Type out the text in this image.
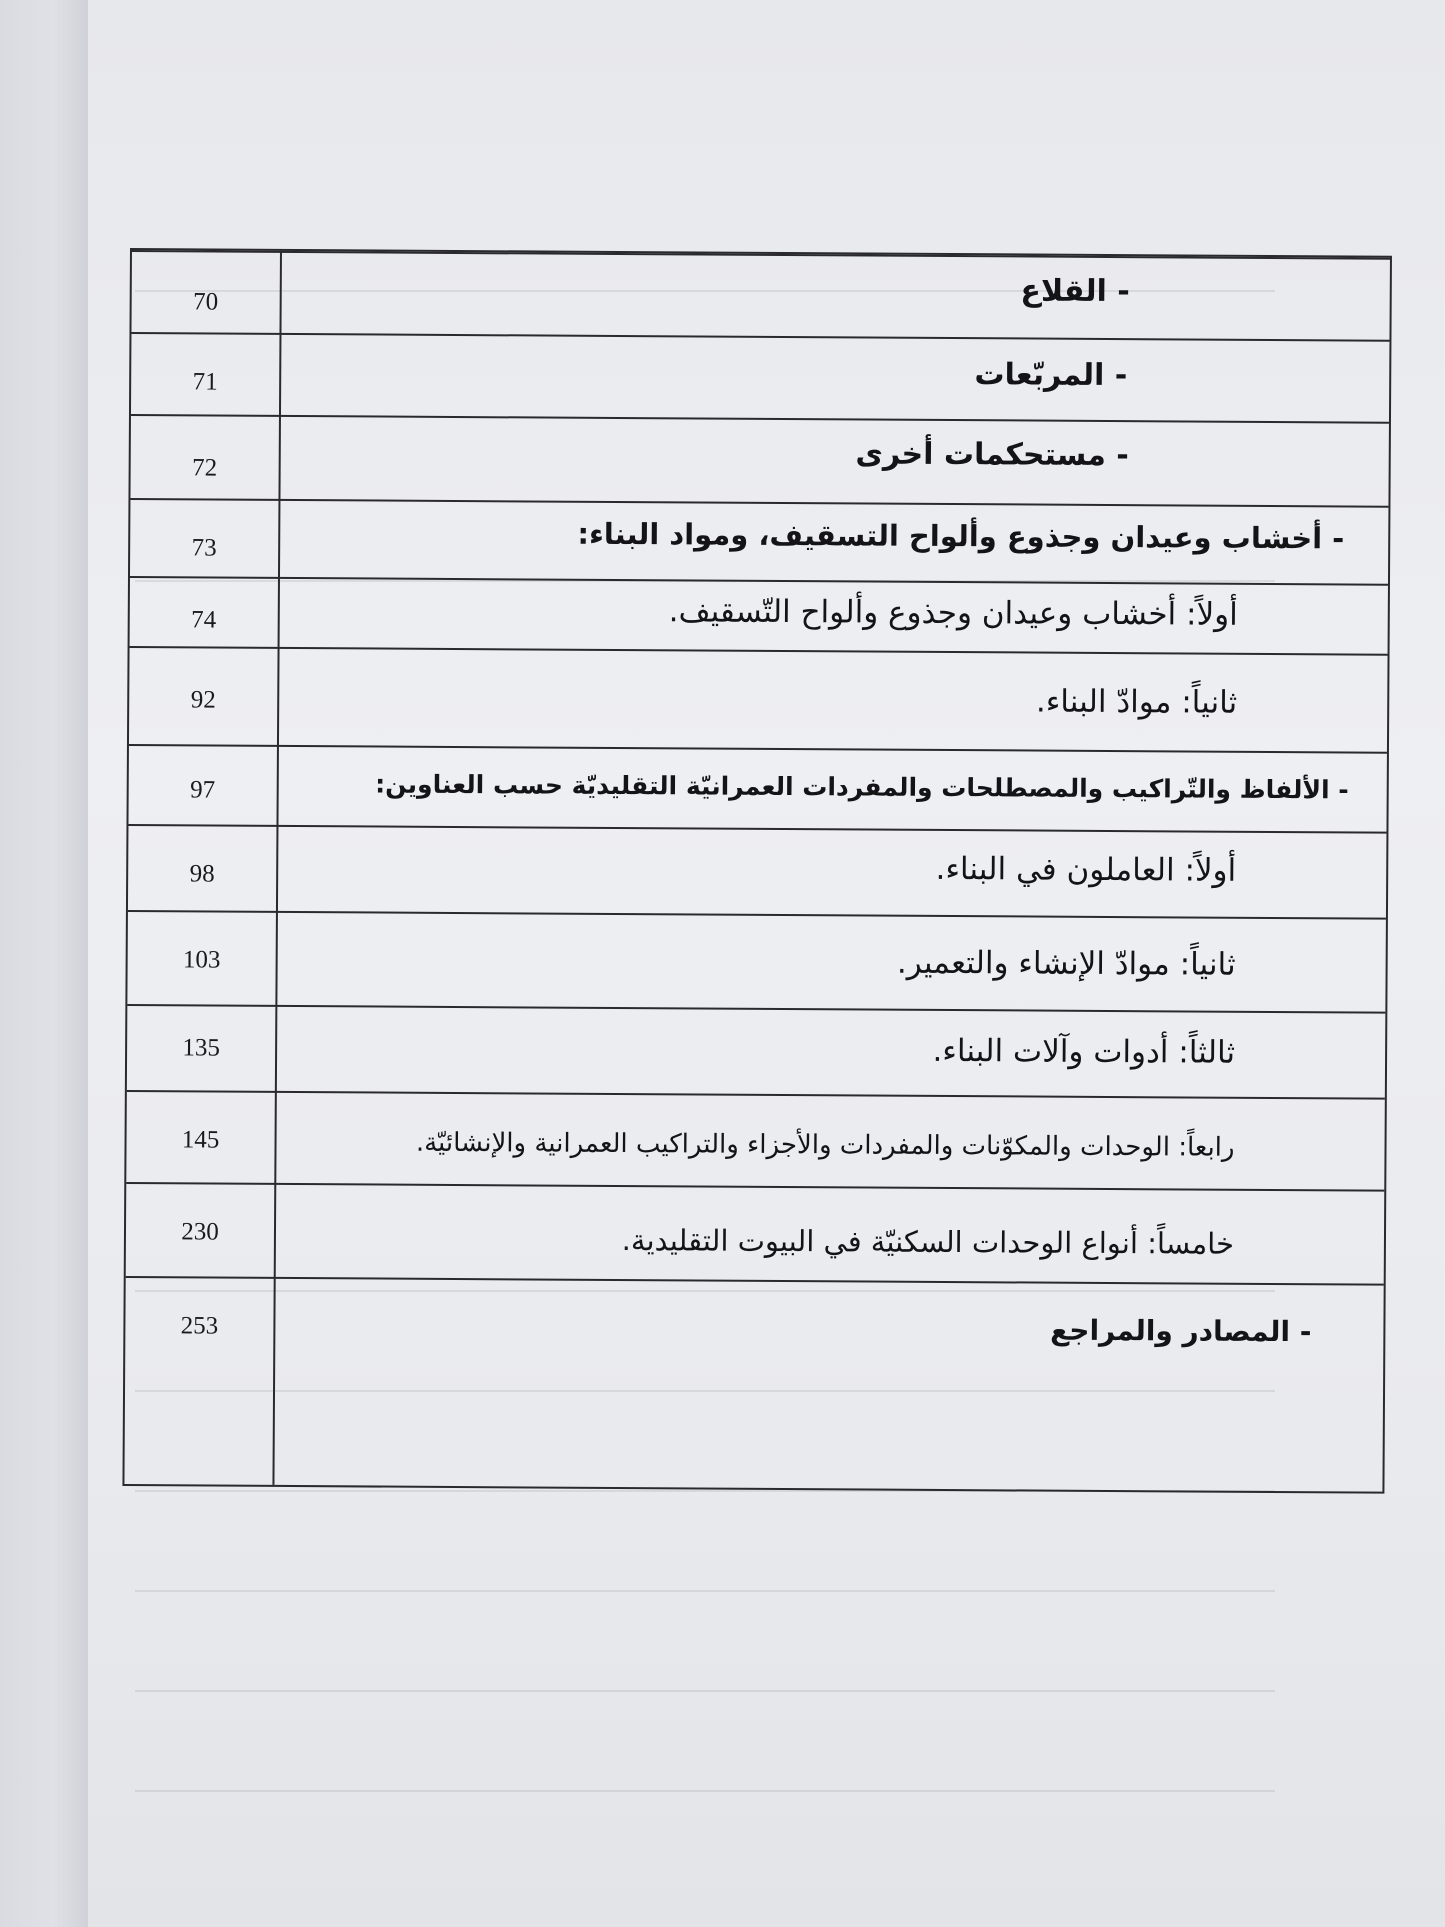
70	- القلاع
71	- المربّعات
72	- مستحكمات أخرى
73	- أخشاب وعيدان وجذوع وألواح التسقيف، ومواد البناء:
74	أولاً: أخشاب وعيدان وجذوع وألواح التّسقيف.
92	ثانياً: موادّ البناء.
97	- الألفاظ والتّراكيب والمصطلحات والمفردات العمرانيّة التقليديّة حسب العناوين:
98	أولاً: العاملون في البناء.
103	ثانياً: موادّ الإنشاء والتعمير.
135	ثالثاً: أدوات وآلات البناء.
145	رابعاً: الوحدات والمكوّنات والمفردات والأجزاء والتراكيب العمرانية والإنشائيّة.
230	خامساً: أنواع الوحدات السكنيّة في البيوت التقليدية.
253	- المصادر والمراجع
